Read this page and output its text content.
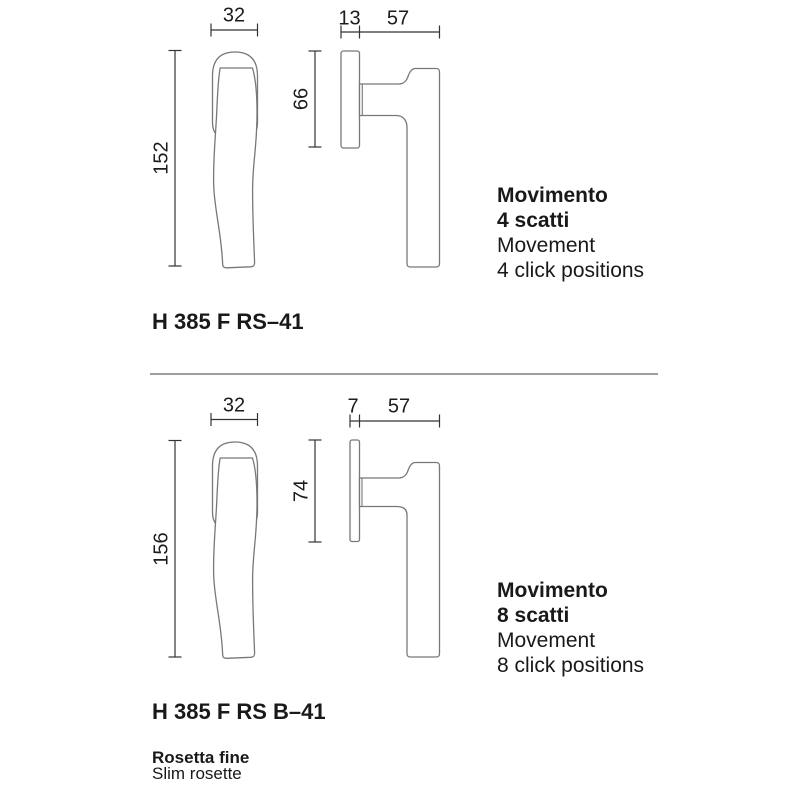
32
152
13 57
66
32
156
7 57
74
Movimento
4 scatti
Movement
4 click positions
H 385 F RS–41
Movimento
8 scatti
Movement
8 click positions
H 385 F RS B–41
Rosetta fine
Slim rosette
